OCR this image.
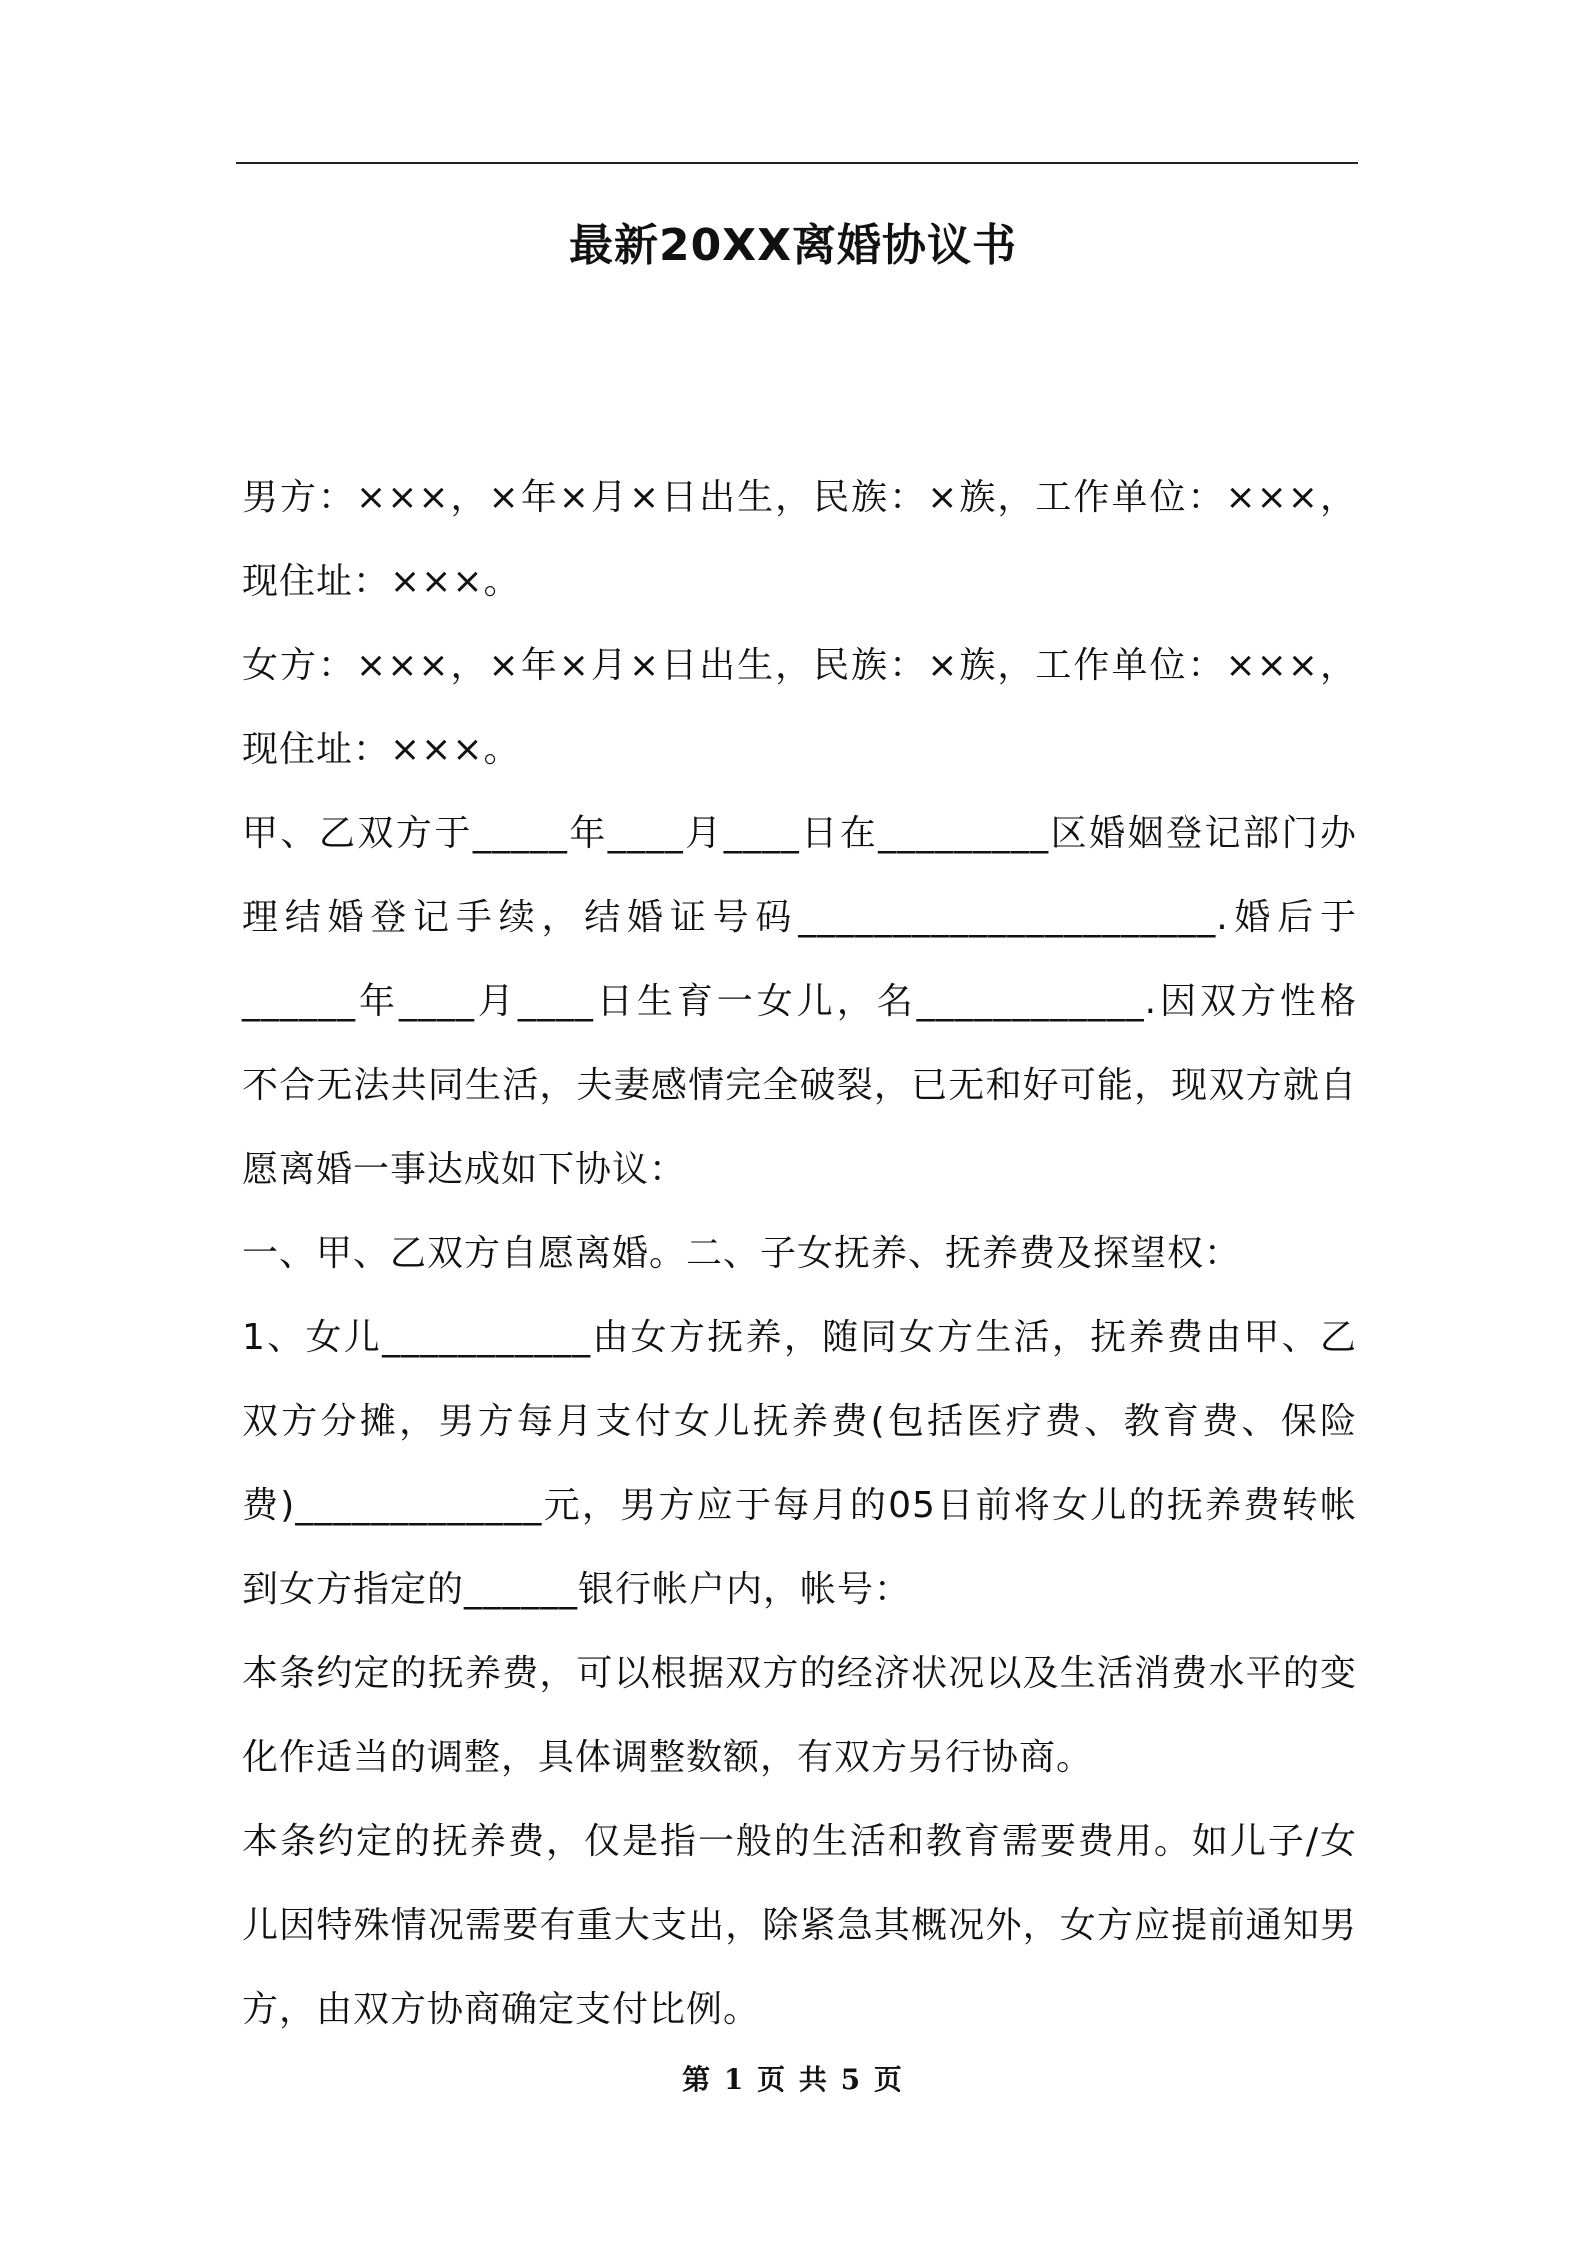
最新20XX离婚协议书
男方：×××，×年×月×日出生，民族：×族，工作单位：×××，
现住址：×××。
女方：×××，×年×月×日出生，民族：×族，工作单位：×××，
现住址：×××。
甲、乙双方于_____年____月____日在_________区婚姻登记部门办
理结婚登记手续，结婚证号码______________________.婚后于
______年____月____日生育一女儿，名____________.因双方性格
不合无法共同生活，夫妻感情完全破裂，已无和好可能，现双方就自
愿离婚一事达成如下协议：
一、甲、乙双方自愿离婚。二、子女抚养、抚养费及探望权：
1、女儿___________由女方抚养，随同女方生活，抚养费由甲、乙
双方分摊，男方每月支付女儿抚养费(包括医疗费、教育费、保险
费)_____________元，男方应于每月的05日前将女儿的抚养费转帐
到女方指定的______银行帐户内，帐号：
本条约定的抚养费，可以根据双方的经济状况以及生活消费水平的变
化作适当的调整，具体调整数额，有双方另行协商。
本条约定的抚养费，仅是指一般的生活和教育需要费用。如儿子/女
儿因特殊情况需要有重大支出，除紧急其概况外，女方应提前通知男
方，由双方协商确定支付比例。
第 1 页 共 5 页
